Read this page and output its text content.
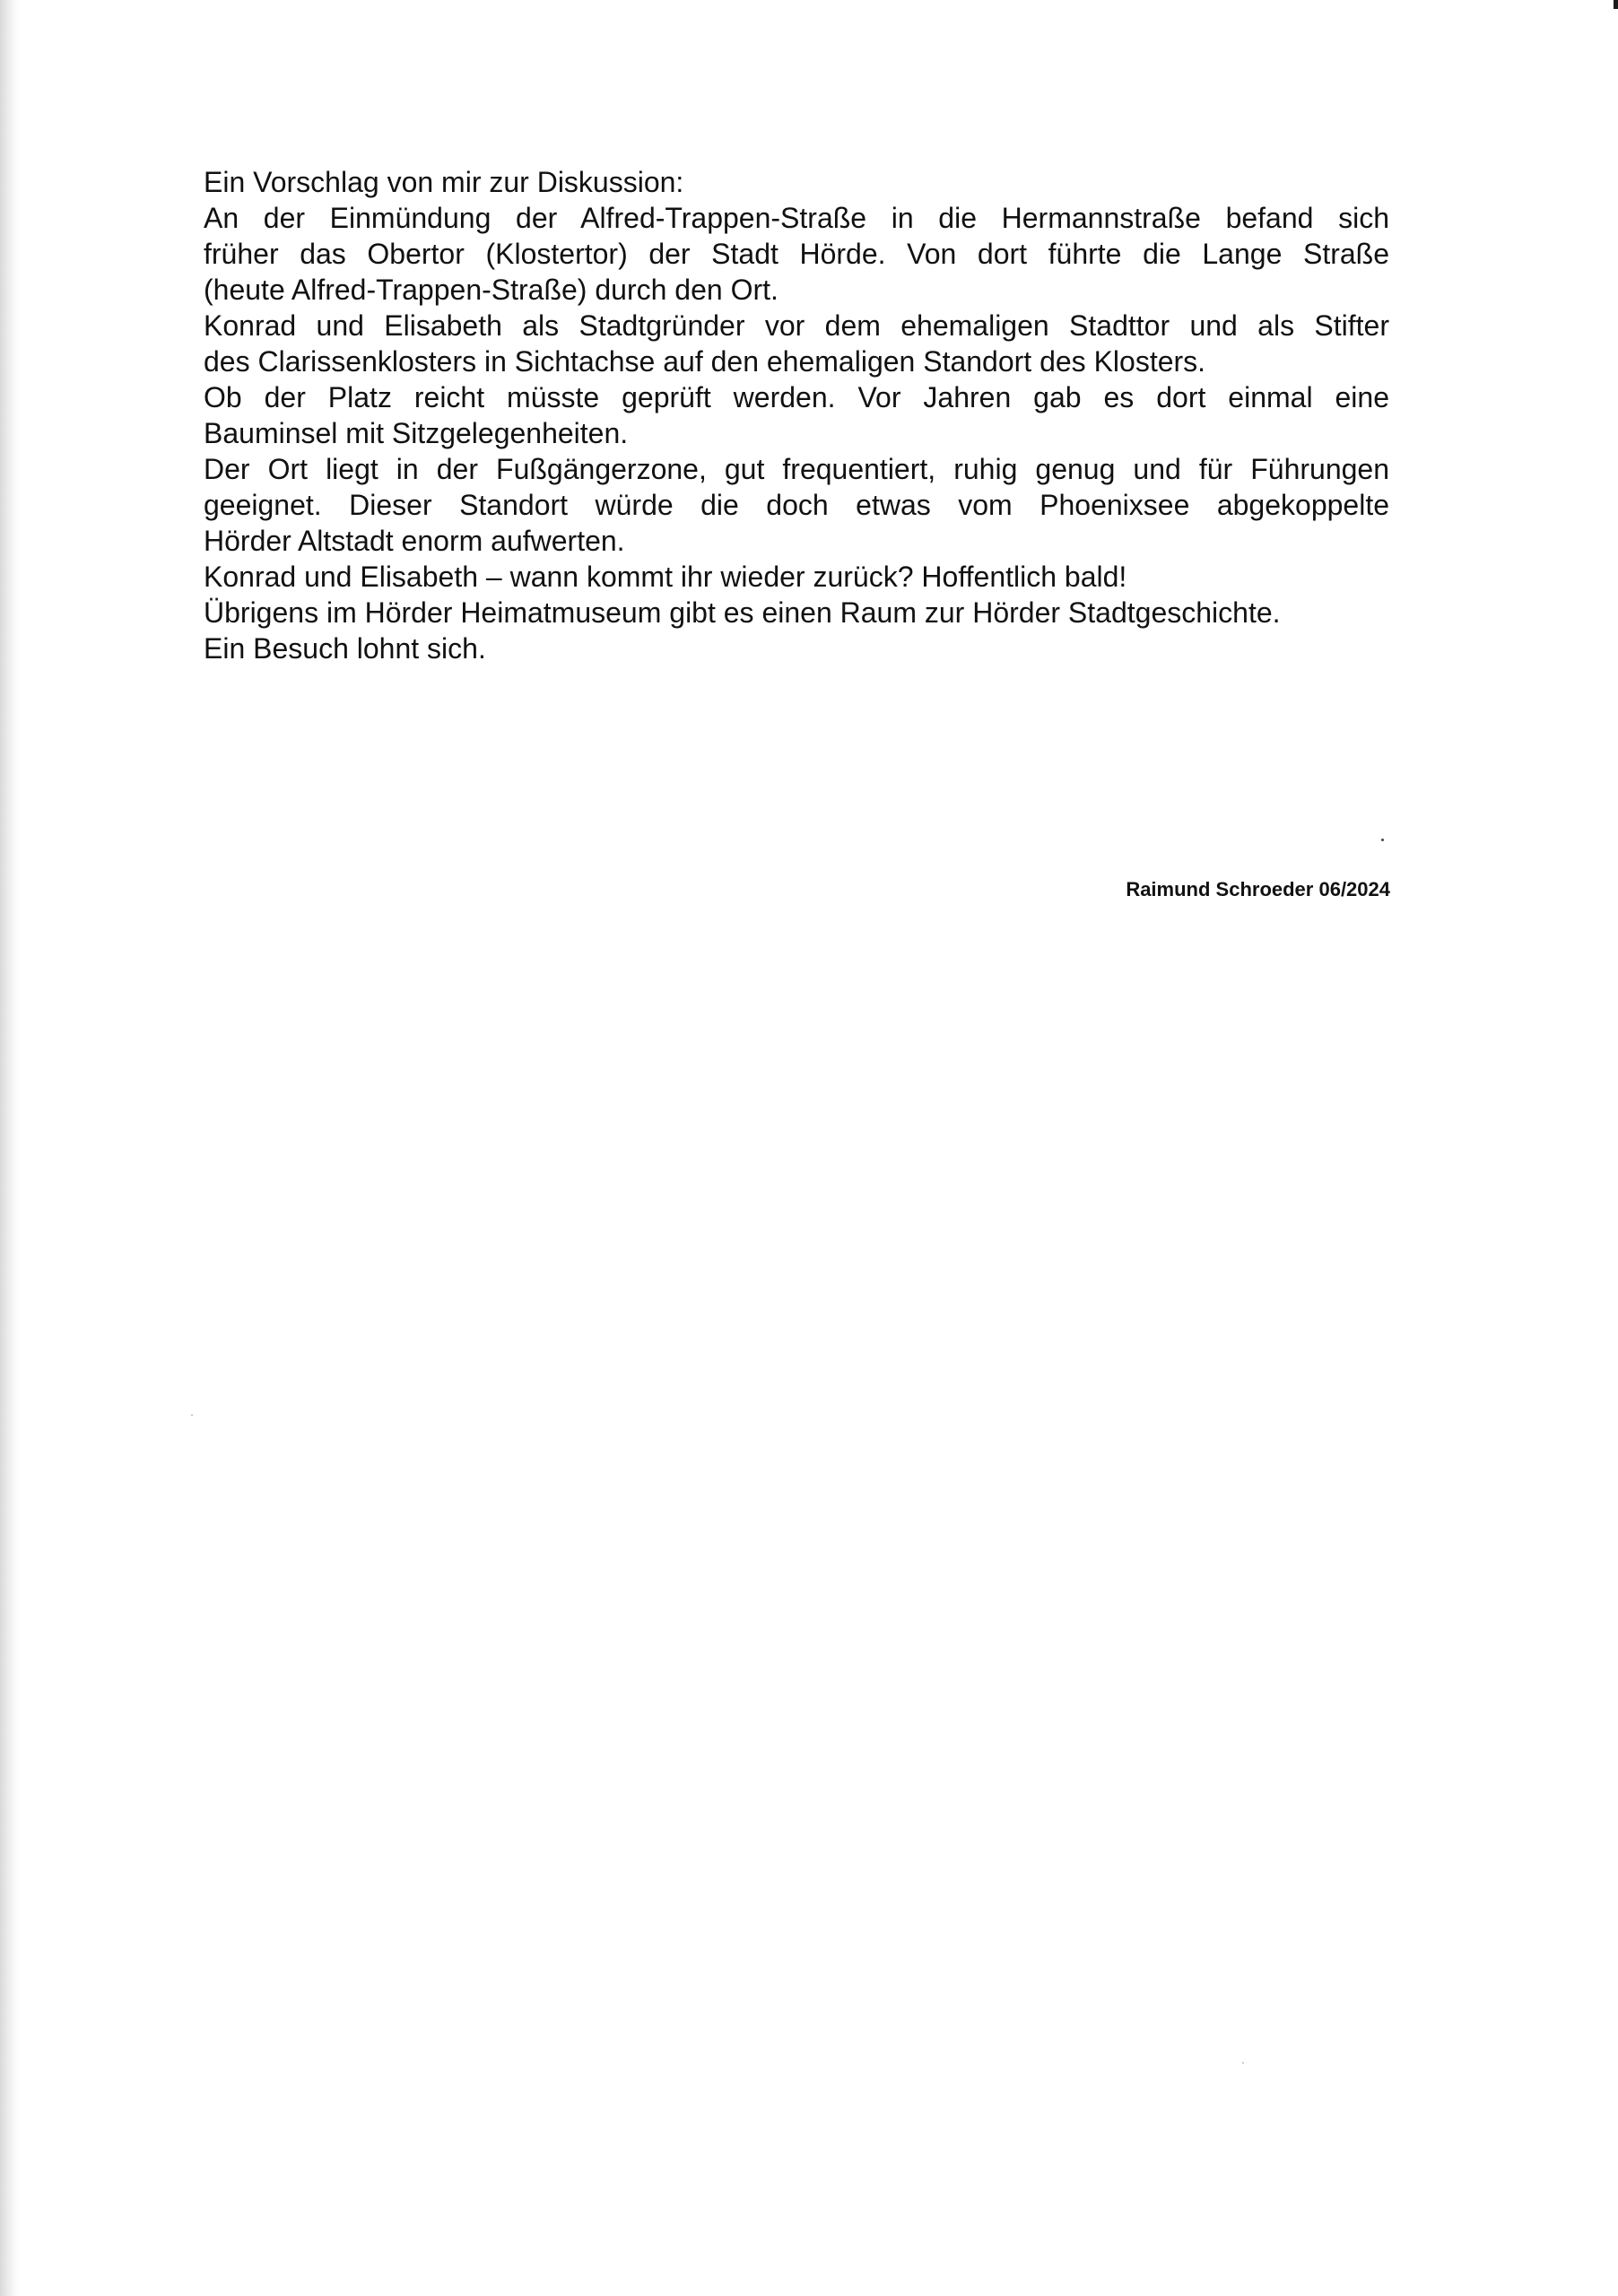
Ein Vorschlag von mir zur Diskussion:

An der Einmündung der Alfred-Trappen-Straße in die Hermannstraße befand sich
früher das Obertor (Klostertor) der Stadt Hörde. Von dort führte die Lange Straße
(heute Alfred-Trappen-Straße) durch den Ort.
Konrad und Elisabeth als Stadtgründer vor dem ehemaligen Stadttor und als Stifter
des Clarissenklosters in Sichtachse auf den ehemaligen Standort des Klosters.

Ob der Platz reicht müsste geprüft werden. Vor Jahren gab es dort einmal eine
Bauminsel mit Sitzgelegenheiten.
Der Ort liegt in der Fußgängerzone, gut frequentiert, ruhig genug und für Führungen
geeignet. Dieser Standort würde die doch etwas vom Phoenixsee abgekoppelte
Hörder Altstadt enorm aufwerten.

Konrad und Elisabeth – wann kommt ihr wieder zurück? Hoffentlich bald!

Übrigens im Hörder Heimatmuseum gibt es einen Raum zur Hörder Stadtgeschichte.
Ein Besuch lohnt sich.

Raimund Schroeder 06/2024
